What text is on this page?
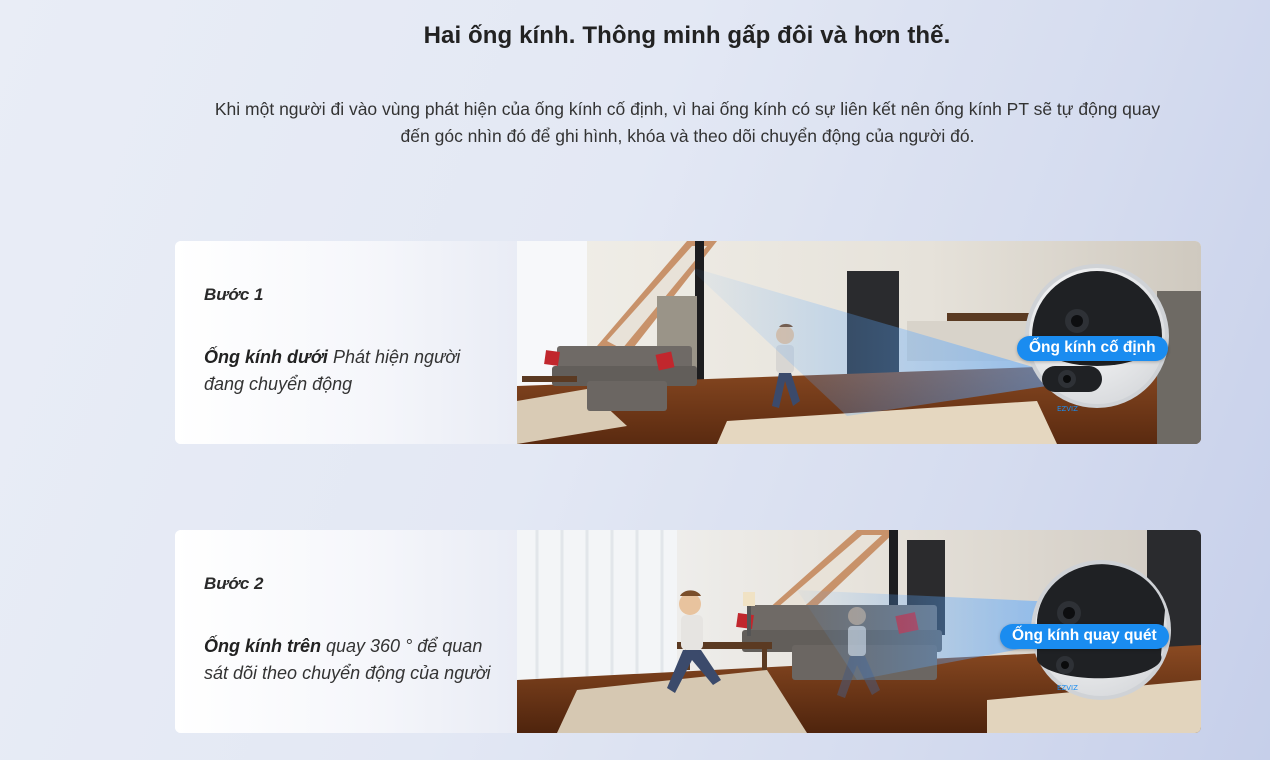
Hai ống kính. Thông minh gấp đôi và hơn thế.

Khi một người đi vào vùng phát hiện của ống kính cố định, vì hai ống kính có sự liên kết nên ống kính PT sẽ tự động quay đến góc nhìn đó để ghi hình, khóa và theo dõi chuyển động của người đó.

Bước 1
Ống kính dưới Phát hiện người đang chuyển động
EZVIZ
Ống kính cố định
Bước 2
Ống kính trên quay 360 ° để quan sát dõi theo chuyển động của người
EZVIZ
Ống kính quay quét
